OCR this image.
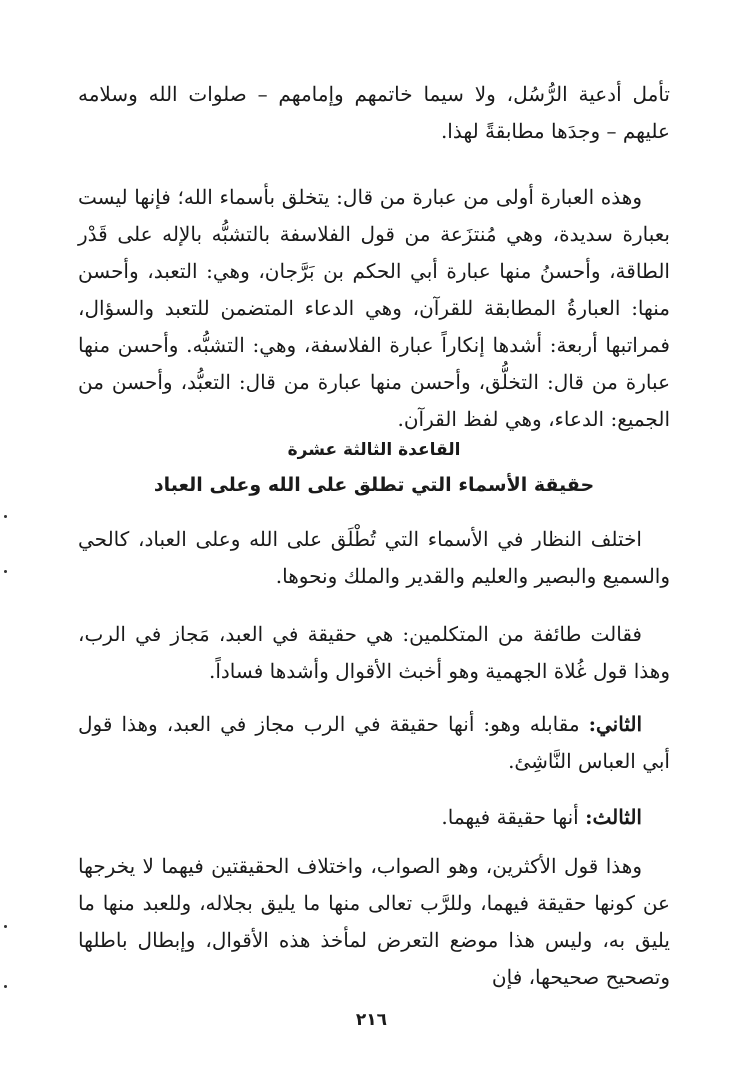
تأمل أدعية الرُّسُل، ولا سيما خاتمهم وإمامهم – صلوات الله وسلامه عليهم – وجدَها مطابقةً لهذا.
وهذه العبارة أولى من عبارة من قال: يتخلق بأسماء الله؛ فإنها ليست بعبارة سديدة، وهي مُنتزَعة من قول الفلاسفة بالتشبُّه بالإله على قَدْر الطاقة، وأحسنُ منها عبارة أبي الحكم بن بَرَّجان، وهي: التعبد، وأحسن منها: العبارةُ المطابقة للقرآن، وهي الدعاء المتضمن للتعبد والسؤال، فمراتبها أربعة: أشدها إنكاراً عبارة الفلاسفة، وهي: التشبُّه. وأحسن منها عبارة من قال: التخلُّق، وأحسن منها عبارة من قال: التعبُّد، وأحسن من الجميع: الدعاء، وهي لفظ القرآن.
القاعدة الثالثة عشرة
حقيقة الأسماء التي تطلق على الله وعلى العباد
اختلف النظار في الأسماء التي تُطْلَق على الله وعلى العباد، كالحي والسميع والبصير والعليم والقدير والملك ونحوها.
فقالت طائفة من المتكلمين: هي حقيقة في العبد، مَجاز في الرب، وهذا قول غُلاة الجهمية وهو أخبث الأقوال وأشدها فساداً.
الثاني: مقابله وهو: أنها حقيقة في الرب مجاز في العبد، وهذا قول أبي العباس النَّاشِئ.
الثالث: أنها حقيقة فيهما.
وهذا قول الأكثرين، وهو الصواب، واختلاف الحقيقتين فيهما لا يخرجها عن كونها حقيقة فيهما، وللرَّب تعالى منها ما يليق بجلاله، وللعبد منها ما يليق به، وليس هذا موضع التعرض لمأخذ هذه الأقوال، وإبطال باطلها وتصحيح صحيحها، فإن
٢١٦
